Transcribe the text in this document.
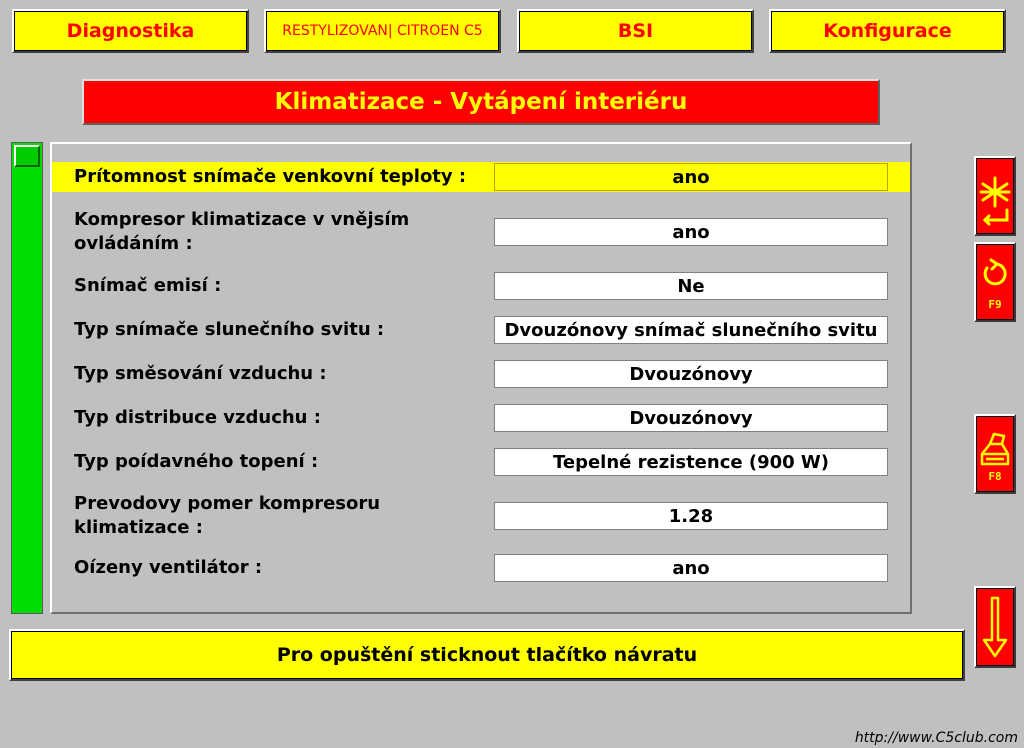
Diagnostika	RESTYLIZOVAN| CITROEN C5	BSI	Konfigurace
Klimatizace - Vytápení interiéru
Prítomnost snímače venkovní teploty :	ano
Kompresor klimatizace v vnějsím ovládáním :
ano
Snímač emisí :	Ne
Typ snímače slunečního svitu :	Dvouzónovy snímač slunečního svitu
Typ směsování vzduchu :	Dvouzónovy
Typ distribuce vzduchu :	Dvouzónovy
Typ poídavného topení :	Tepelné rezistence (900 W)
Prevodovy pomer kompresoru klimatizace :
1.28
Oízeny ventilátor :	ano
F9
F8
Pro opuštění sticknout tlačítko návratu
http://www.C5club.com
